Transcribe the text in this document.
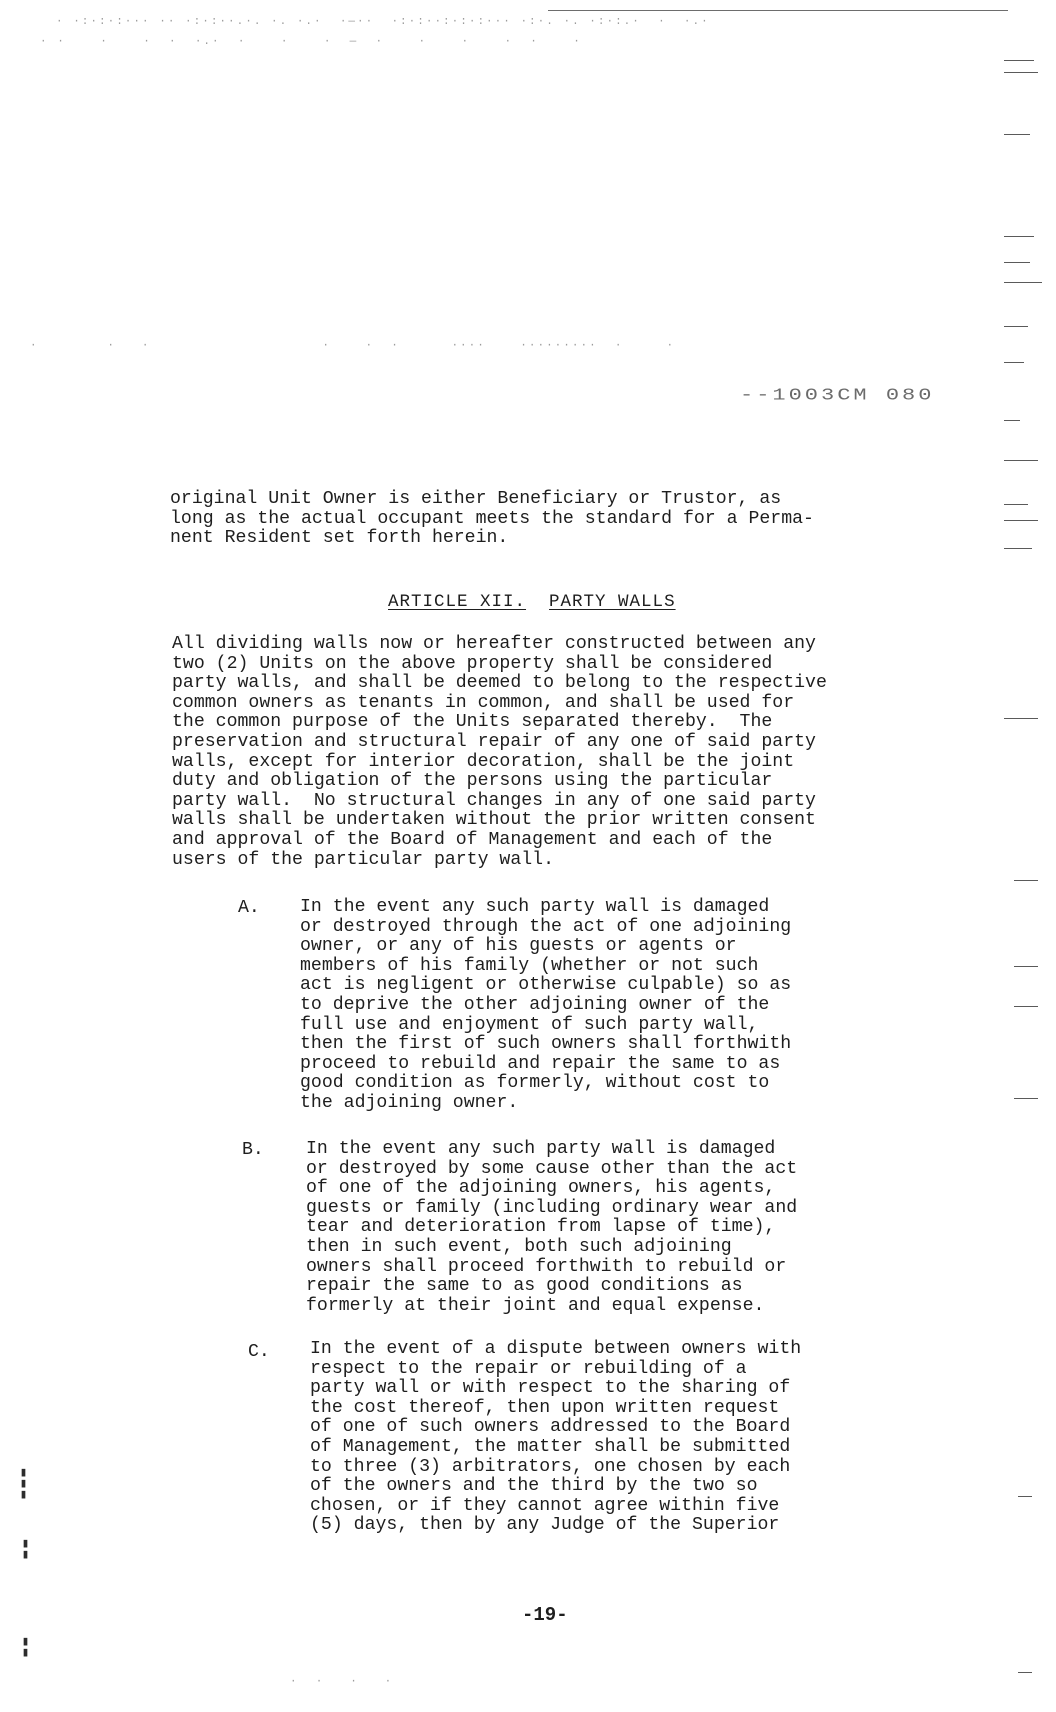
· ·:·:·:··· ·· ·:·:··.·. ·. ·.·  ·—··  ·:·:··:·:·:··· ·:·. ·. ·:·:.·  ·  ·.·
· ·    ·    ·  ·  ·.·  ·    ·    ·  —  ·    ·    ·    ·  ·    ·
·        ·   ·                    ·    ·  ·      ····    ·········  ·     ·
▮▮▮
▮▮
▮▮
--1003CM 080
original Unit Owner is either Beneficiary or Trustor, as
long as the actual occupant meets the standard for a Perma-
nent Resident set forth herein.
ARTICLE XII. PARTY WALLS
All dividing walls now or hereafter constructed between any
two (2) Units on the above property shall be considered
party walls, and shall be deemed to belong to the respective
common owners as tenants in common, and shall be used for
the common purpose of the Units separated thereby.  The
preservation and structural repair of any one of said party
walls, except for interior decoration, shall be the joint
duty and obligation of the persons using the particular
party wall.  No structural changes in any of one said party
walls shall be undertaken without the prior written consent
and approval of the Board of Management and each of the
users of the particular party wall.
A. In the event any such party wall is damaged
or destroyed through the act of one adjoining
owner, or any of his guests or agents or
members of his family (whether or not such
act is negligent or otherwise culpable) so as
to deprive the other adjoining owner of the
full use and enjoyment of such party wall,
then the first of such owners shall forthwith
proceed to rebuild and repair the same to as
good condition as formerly, without cost to
the adjoining owner.
B. In the event any such party wall is damaged
or destroyed by some cause other than the act
of one of the adjoining owners, his agents,
guests or family (including ordinary wear and
tear and deterioration from lapse of time),
then in such event, both such adjoining
owners shall proceed forthwith to rebuild or
repair the same to as good conditions as
formerly at their joint and equal expense.
C. In the event of a dispute between owners with
respect to the repair or rebuilding of a
party wall or with respect to the sharing of
the cost thereof, then upon written request
of one of such owners addressed to the Board
of Management, the matter shall be submitted
to three (3) arbitrators, one chosen by each
of the owners and the third by the two so
chosen, or if they cannot agree within five
(5) days, then by any Judge of the Superior
-19-
·  ·   ·   ·
